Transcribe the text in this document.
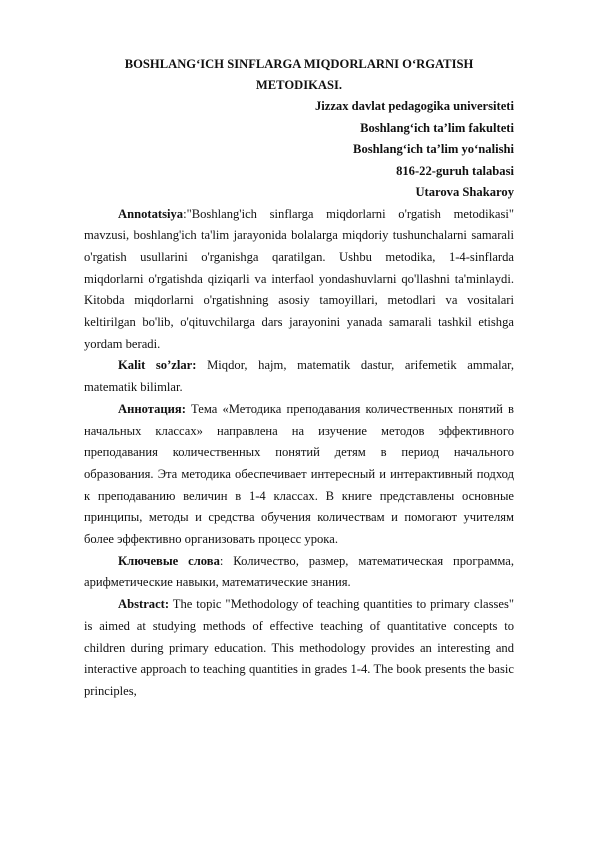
BOSHLANG‘ICH SINFLARGA MIQDORLARNI O‘RGATISH
METODIKASI.

Jizzax davlat pedagogika universiteti

Boshlang‘ich ta’lim fakulteti

Boshlang‘ich ta’lim yo‘nalishi

816-22-guruh talabasi

Utarova Shakaroy

Annotatsiya:"Boshlang'ich sinflarga miqdorlarni o'rgatish metodikasi" mavzusi, boshlang'ich ta'lim jarayonida bolalarga miqdoriy tushunchalarni samarali o'rgatish usullarini o'rganishga qaratilgan. Ushbu metodika, 1-4-sinflarda miqdorlarni o'rgatishda qiziqarli va interfaol yondashuvlarni qo'llashni ta'minlaydi. Kitobda miqdorlarni o'rgatishning asosiy tamoyillari, metodlari va vositalari keltirilgan bo'lib, o'qituvchilarga dars jarayonini yanada samarali tashkil etishga yordam beradi.

Kalit so’zlar: Miqdor, hajm, matematik dastur, arifemetik ammalar, matematik bilimlar.

Аннотация: Тема «Методика преподавания количественных понятий в начальных классах» направлена на изучение методов эффективного преподавания количественных понятий детям в период начального образования. Эта методика обеспечивает интересный и интерактивный подход к преподаванию величин в 1-4 классах. В книге представлены основные принципы, методы и средства обучения количествам и помогают учителям более эффективно организовать процесс урока.

Ключевые слова: Количество, размер, математическая программа, арифметические навыки, математические знания.

Abstract: The topic "Methodology of teaching quantities to primary classes" is aimed at studying methods of effective teaching of quantitative concepts to children during primary education. This methodology provides an interesting and interactive approach to teaching quantities in grades 1-4. The book presents the basic principles,
